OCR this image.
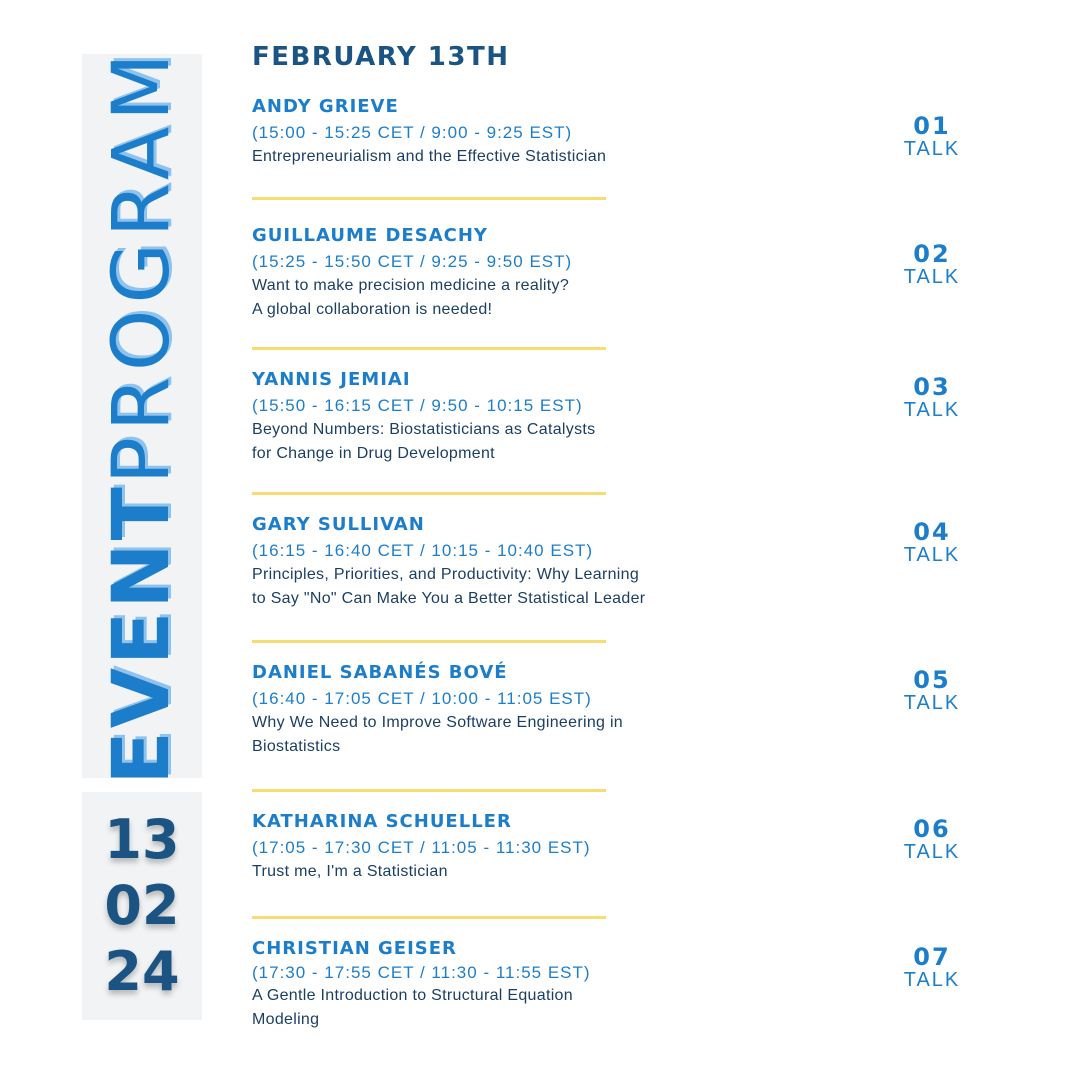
EVENTPROGRAM
13
02
24
FEBRUARY 13TH
ANDY GRIEVE
(15:00 - 15:25 CET / 9:00 - 9:25 EST)
Entrepreneurialism and the Effective Statistician
01
TALK
GUILLAUME DESACHY
(15:25 - 15:50 CET / 9:25 - 9:50 EST)
Want to make precision medicine a reality?
A global collaboration is needed!
02
TALK
YANNIS JEMIAI
(15:50 - 16:15 CET / 9:50 - 10:15 EST)
Beyond Numbers: Biostatisticians as Catalysts
for Change in Drug Development
03
TALK
GARY SULLIVAN
(16:15 - 16:40 CET / 10:15 - 10:40 EST)
Principles, Priorities, and Productivity: Why Learning
to Say "No" Can Make You a Better Statistical Leader
04
TALK
DANIEL SABANÉS BOVÉ
(16:40 - 17:05 CET / 10:00 - 11:05 EST)
Why We Need to Improve Software Engineering in
Biostatistics
05
TALK
KATHARINA SCHUELLER
(17:05 - 17:30 CET / 11:05 - 11:30 EST)
Trust me, I'm a Statistician
06
TALK
CHRISTIAN GEISER
(17:30 - 17:55 CET / 11:30 - 11:55 EST)
A Gentle Introduction to Structural Equation
Modeling
07
TALK
